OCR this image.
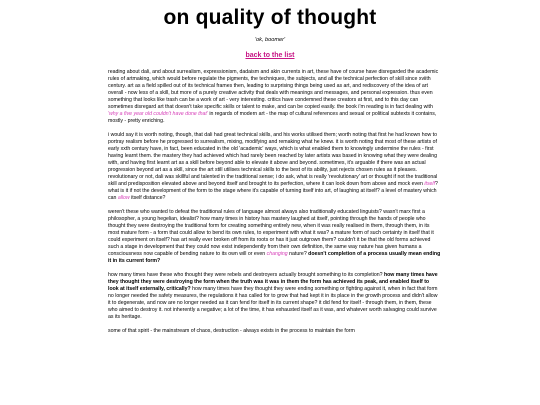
on quality of thought
'ok, boomer'
back to the list

reading about dali, and about surrealism, expressionism, dadaism and akin currents in art, these have of course have disregarded the academic rules of artmaking, which would before regulate the pigments, the techniques, the subjects, and all the technical perfection of skill since xviith century. art as a field spilled out of its technical frames then, leading to surprising things being used as art, and rediscovery of the idea of art overall - now less of a skill, but more of a purely creative activity that deals with meanings and messages, and personal expression. thus even something that looks like trash can be a work of art - very interesting. critics have condemned these creators at first, and to this day can sometimes disregard art that doesn't take specific skills or talent to make, and can be copied easily. the book i'm reading is in fact dealing with 'why a five year old couldn't have done that' in regards of modern art - the map of cultural references and sexual or political subtexts it contains, mostly - pretty enriching.

i would say it is worth noting, though, that dali had great technical skills, and his works utilised them; worth noting that first he had known how to portray realism before he progressed to surrealism, mixing, modifying and remaking what he knew. it is worth noting that most of these artists of early xxth century have, in fact, been educated in the old 'academic' ways, which is what enabled them to knowingly undermine the rules - first having learnt them. the mastery they had achieved which had rarely been reached by later artists was based in knowing what they were dealing with, and having first learnt art as a skill before beyond able to elevate it above and beyond. sometimes, it's arguable if there was an actual progression beyond art as a skill, since the art still utilises technical skills to the best of its ability, just rejects chosen rules as it pleases. revolutionary or not, dali was skillful and talented in the traditional sense; i do ask, what is really 'revolutionary' art or thought if not the traditional skill and predisposition elevated above and beyond itself and brought to its perfection, where it can look down from above and mock even itself? what is it if not the development of the form to the stage where it's capable of turning itself into art, of laughing at itself? a level of mastery which can allow itself distance?

weren't these who wanted to defeat the traditional rules of language almost always also traditionally educated linguists? wasn't marx first a philosopher, a young hegelian, idealist? how many times in history has mastery laughed at itself, pointing through the hands of people who thought they were destroying the traditional form for creating something entirely new, when it was really realised in them, through them, in its most mature form - a form that could allow to bend its own rules, to experiment with what it was? a mature form of such certainty in itself that it could experiment on itself? has art really ever broken off from its roots or has it just outgrown them? couldn't it be that the old forms achieved such a stage in development that they could now exist independently from their own definition, the same way nature has given humans a consciousness now capable of bending nature to its own will or even changing nature? doesn't completion of a process usually mean ending it in its current form?

how many times have these who thought they were rebels and destroyers actually brought something to its completion? how many times have they thought they were destroying the form when the truth was it was in them the form has achieved its peak, and enabled itself to look at itself externally, critically? how many times have they thought they were ending something or fighting against it, when in fact that form no longer needed the safety measures, the regulations it has called for to grow that had kept it in its place in the growth process and didn't allow it to degenerate, and now are no longer needed as it can fend for itself in its current shape? it did fend for itself - through them, in them, these who aimed to destroy it. not inherently a negative; a lot of the time, it has exhausted itself as it was, and whatever worth salvaging could survive as its heritage.

some of that spirit - the mainstream of chaos, destruction - always exists in the process to maintain the form
